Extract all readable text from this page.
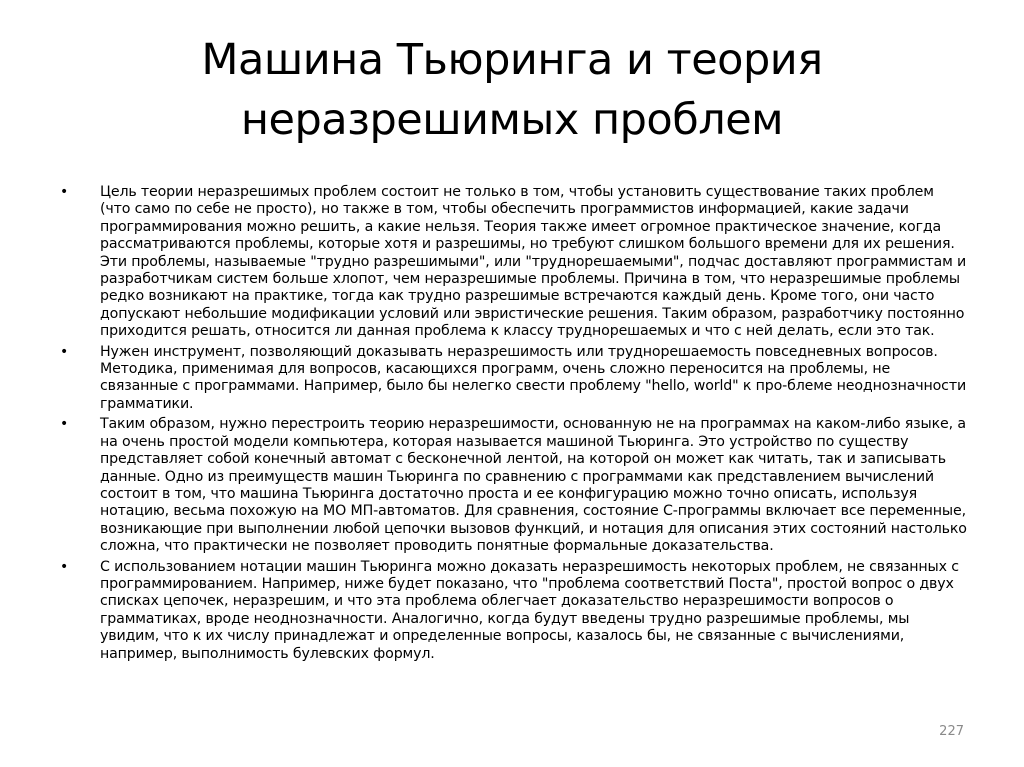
Машина Тьюринга и теория неразрешимых проблем
• Цель теории неразрешимых проблем состоит не только в том, чтобы установить существование таких проблем (что само по себе не просто), но также в том, чтобы обеспечить программистов информацией, какие задачи программирования можно решить, а какие нельзя. Теория также имеет огромное практическое значение, когда рассматриваются проблемы, которые хотя и разрешимы, но требуют слишком большого времени для их решения. Эти проблемы, называемые "трудно разрешимыми", или "труднорешаемыми", подчас доставляют программистам и разработчикам систем больше хлопот, чем неразрешимые проблемы. Причина в том, что неразрешимые проблемы редко возникают на практике, тогда как трудно разрешимые встречаются каждый день. Кроме того, они часто допускают небольшие модификации условий или эвристические решения. Таким образом, разработчику постоянно приходится решать, относится ли данная проблема к классу труднорешаемых и что с ней делать, если это так.
• Нужен инструмент, позволяющий доказывать неразрешимость или труднорешаемость повседневных вопросов. Методика, применимая для вопросов, касающихся программ, очень сложно переносится на проблемы, не связанные с программами. Например, было бы нелегко свести проблему "hello, world" к про-блеме неоднозначности грамматики.
• Таким образом, нужно перестроить теорию неразрешимости, основанную не на программах на каком-либо языке, а на очень простой модели компьютера, которая называется машиной Тьюринга. Это устройство по существу представляет собой конечный автомат с бесконечной лентой, на которой он может как читать, так и записывать данные. Одно из преимуществ машин Тьюринга по сравнению с программами как представлением вычислений состоит в том, что машина Тьюринга достаточно проста и ее конфигурацию можно точно описать, используя нотацию, весьма похожую на МО МП-автоматов. Для сравнения, состояние С-программы включает все переменные, возникающие при выполнении любой цепочки вызовов функций, и нотация для описания этих состояний настолько сложна, что практически не позволяет проводить понятные формальные доказательства.
• С использованием нотации машин Тьюринга можно доказать неразрешимость некоторых проблем, не связанных с программированием. Например, ниже будет показано, что "проблема соответствий Поста", простой вопрос о двух списках цепочек, неразрешим, и что эта проблема облегчает доказательство неразрешимости вопросов о грамматиках, вроде неоднозначности. Аналогично, когда будут введены трудно разрешимые проблемы, мы увидим, что к их числу принадлежат и определенные вопросы, казалось бы, не связанные с вычислениями, например, выполнимость булевских формул.
227
